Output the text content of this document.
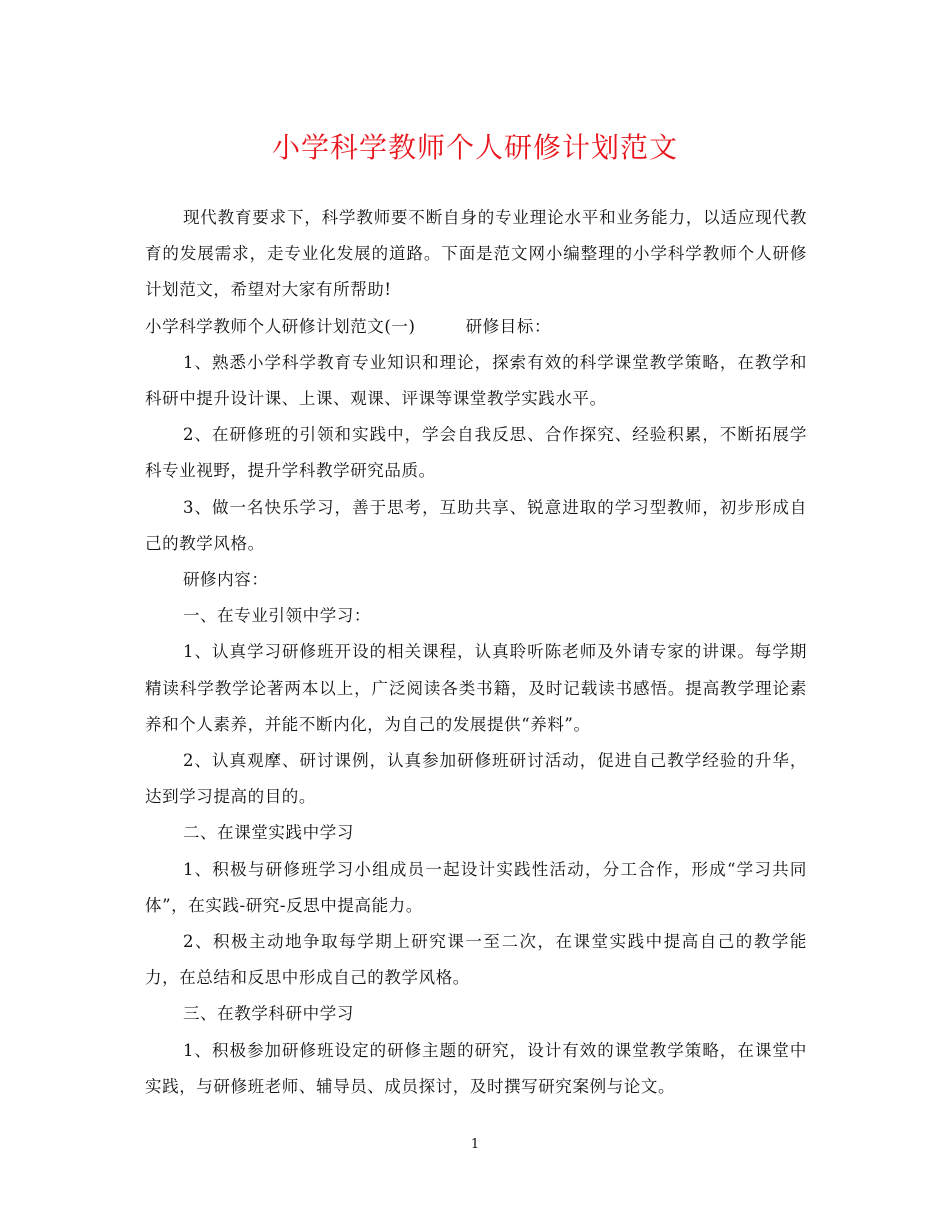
小学科学教师个人研修计划范文

现代教育要求下，科学教师要不断自身的专业理论水平和业务能力，以适应现代教育的发展需求，走专业化发展的道路。下面是范文网小编整理的小学科学教师个人研修计划范文，希望对大家有所帮助!

小学科学教师个人研修计划范文(一)	研修目标：

1、熟悉小学科学教育专业知识和理论，探索有效的科学课堂教学策略，在教学和科研中提升设计课、上课、观课、评课等课堂教学实践水平。

2、在研修班的引领和实践中，学会自我反思、合作探究、经验积累，不断拓展学科专业视野，提升学科教学研究品质。

3、做一名快乐学习，善于思考，互助共享、锐意进取的学习型教师，初步形成自己的教学风格。

研修内容：

一、在专业引领中学习：

1、认真学习研修班开设的相关课程，认真聆听陈老师及外请专家的讲课。每学期精读科学教学论著两本以上，广泛阅读各类书籍，及时记载读书感悟。提高教学理论素养和个人素养，并能不断内化，为自己的发展提供“养料”。

2、认真观摩、研讨课例，认真参加研修班研讨活动，促进自己教学经验的升华，达到学习提高的目的。

二、在课堂实践中学习

1、积极与研修班学习小组成员一起设计实践性活动，分工合作，形成“学习共同体”，在实践-研究-反思中提高能力。

2、积极主动地争取每学期上研究课一至二次，在课堂实践中提高自己的教学能力，在总结和反思中形成自己的教学风格。

三、在教学科研中学习

1、积极参加研修班设定的研修主题的研究，设计有效的课堂教学策略，在课堂中实践，与研修班老师、辅导员、成员探讨，及时撰写研究案例与论文。

1
